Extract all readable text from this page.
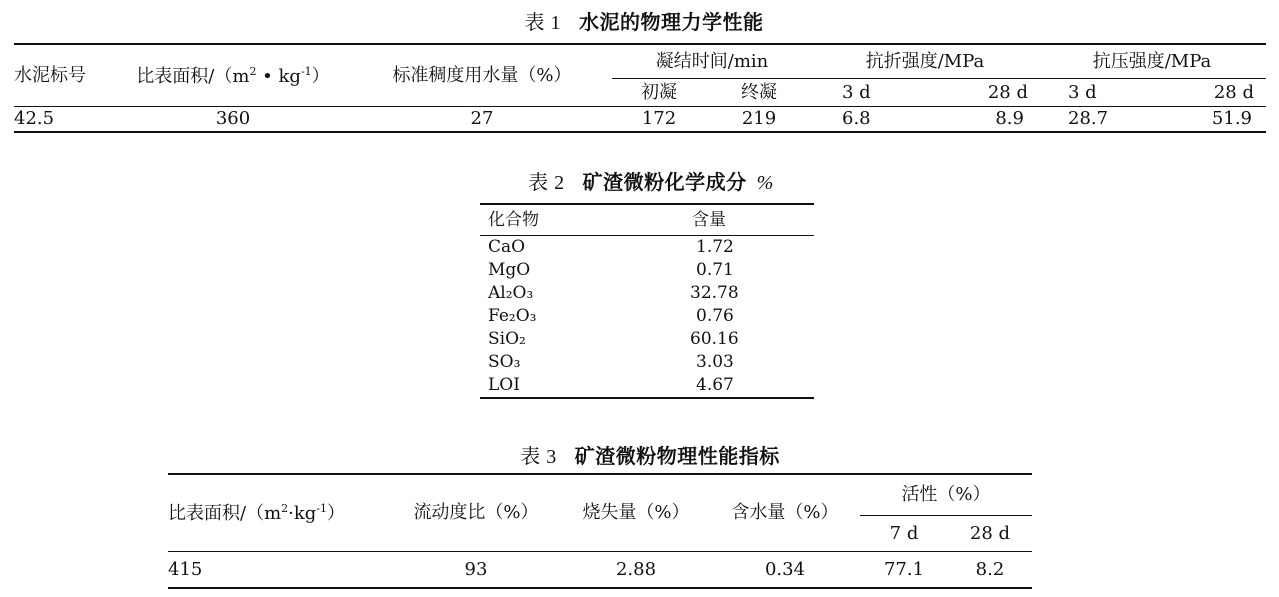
表 1 水泥的物理力学性能
水泥标号	比表面积$/(m^2$ • $kg^{-1}$）	标准稠度用水量（%）	凝结时间/min		抗折强度/MPa		抗压强度/MPa	
			初凝	终凝	3 d	28 d	3 d	28 d
42.5	360	27	172	219	6.8	8.9	28.7	51.9
表 2 矿渣微粉化学成分 %
化合物	含量
CaO	1.72
MgO	0.71
Al₂O₃	32.78
Fe₂O₃	0.76
SiO₂	60.16
SO₃	3.03
LOI	4.67
表 3 矿渣微粉物理性能指标
比表面积$/(m^2\cdot kg^{-1})$	流动度比（%）	烧失量（%）	含水量（%）	活性（%）	
				7 d	28 d
415	93	2.88	0.34	77.1	8.2
